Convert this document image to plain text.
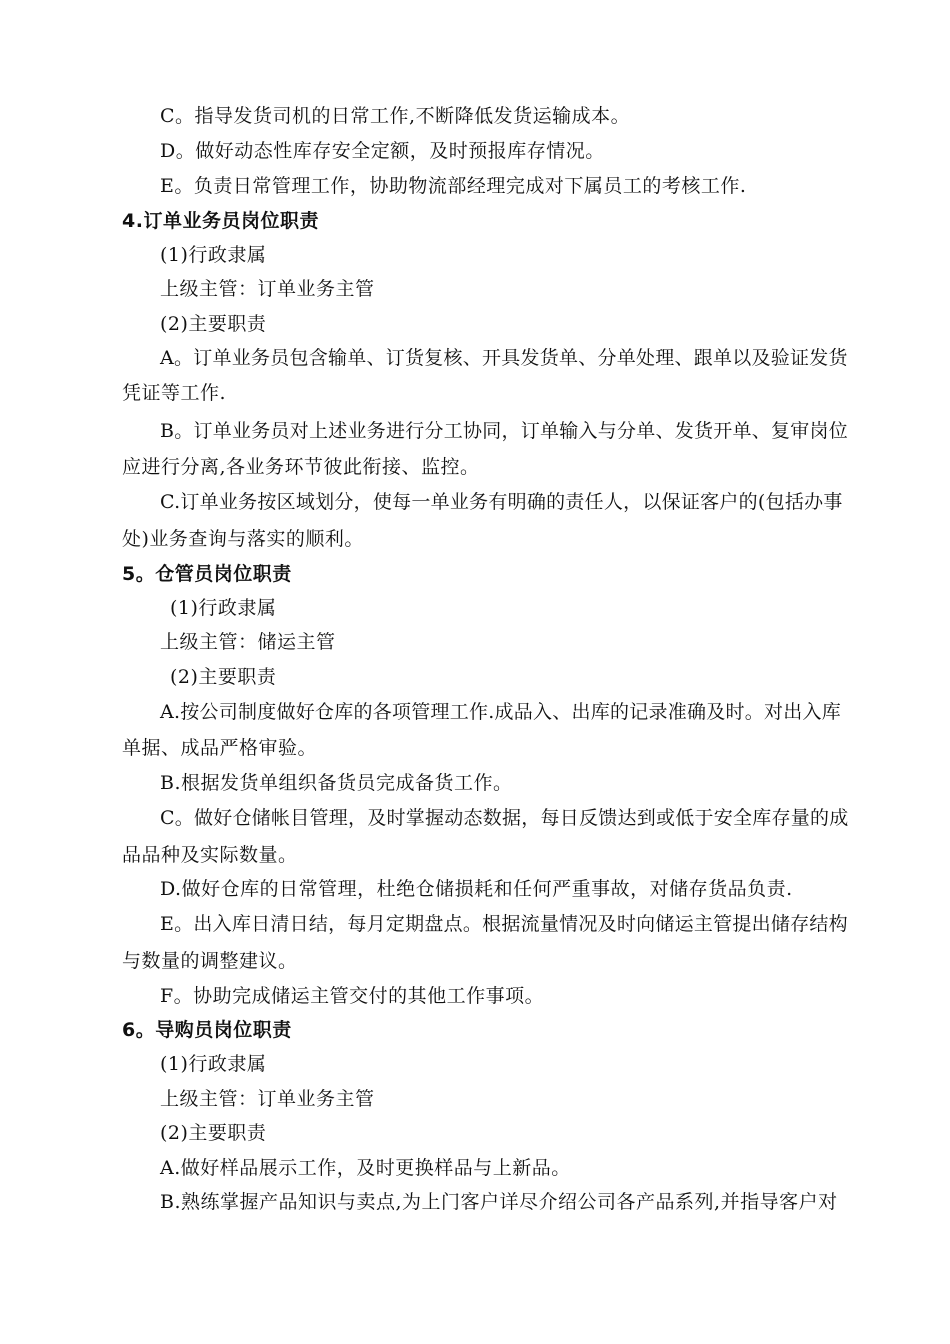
C。指导发货司机的日常工作,不断降低发货运输成本。
D。做好动态性库存安全定额，及时预报库存情况。
E。负责日常管理工作，协助物流部经理完成对下属员工的考核工作.
4.订单业务员岗位职责
(1)行政隶属
上级主管：订单业务主管
(2)主要职责
A。订单业务员包含输单、订货复核、开具发货单、分单处理、跟单以及验证发货
凭证等工作.
B。订单业务员对上述业务进行分工协同，订单输入与分单、发货开单、复审岗位
应进行分离,各业务环节彼此衔接、监控。
C.订单业务按区域划分，使每一单业务有明确的责任人，以保证客户的(包括办事
处)业务查询与落实的顺利。
5。仓管员岗位职责
(1)行政隶属
上级主管：储运主管
(2)主要职责
A.按公司制度做好仓库的各项管理工作.成品入、出库的记录准确及时。对出入库
单据、成品严格审验。
B.根据发货单组织备货员完成备货工作。
C。做好仓储帐目管理，及时掌握动态数据，每日反馈达到或低于安全库存量的成
品品种及实际数量。
D.做好仓库的日常管理，杜绝仓储损耗和任何严重事故，对储存货品负责.
E。出入库日清日结，每月定期盘点。根据流量情况及时向储运主管提出储存结构
与数量的调整建议。
F。协助完成储运主管交付的其他工作事项。
6。导购员岗位职责
(1)行政隶属
上级主管：订单业务主管
(2)主要职责
A.做好样品展示工作，及时更换样品与上新品。
B.熟练掌握产品知识与卖点,为上门客户详尽介绍公司各产品系列,并指导客户对
